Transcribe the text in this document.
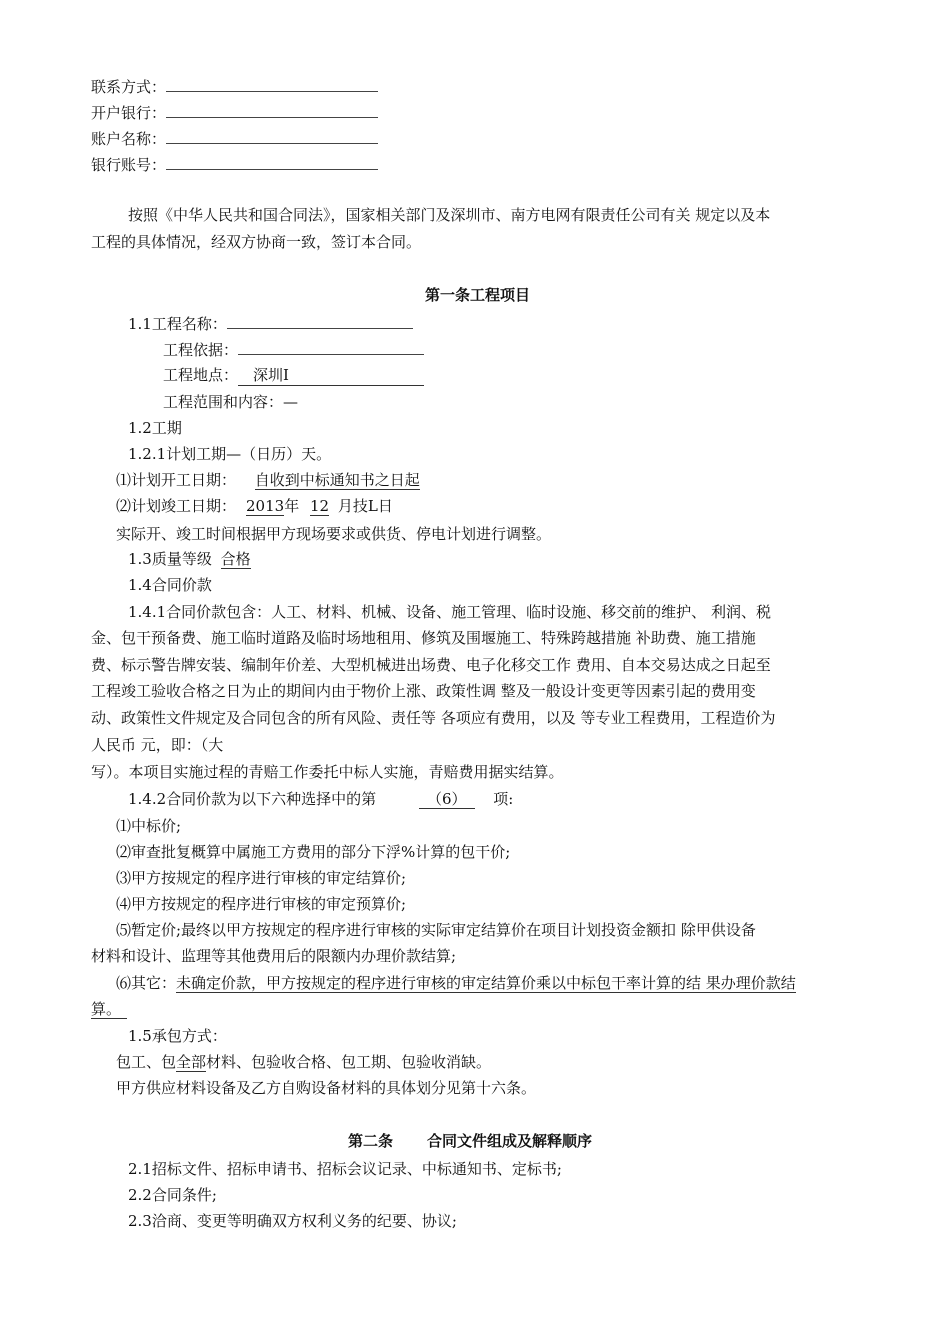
联系方式：
开户银行：
账户名称：
银行账号：
按照《中华人民共和国合同法》，国家相关部门及深圳市、南方电网有限责任公司有关 规定以及本
工程的具体情况，经双方协商一致，签订本合同。
第一条工程项目
1.1工程名称：
工程依据：
工程地点： 深圳I
工程范围和内容：—
1.2工期
1.2.1计划工期—（日历）天。
⑴计划开工日期： 自收到中标通知书之日起
⑵计划竣工日期： 2013年 12 月技L日
实际开、竣工时间根据甲方现场要求或供货、停电计划进行调整。
1.3质量等级 合格
1.4合同价款
1.4.1合同价款包含：人工、材料、机械、设备、施工管理、临时设施、移交前的维护、 利润、税
金、包干预备费、施工临时道路及临时场地租用、修筑及围堰施工、特殊跨越措施 补助费、施工措施
费、标示警告牌安装、编制年价差、大型机械进出场费、电子化移交工作 费用、自本交易达成之日起至
工程竣工验收合格之日为止的期间内由于物价上涨、政策性调 整及一般设计变更等因素引起的费用变
动、政策性文件规定及合同包含的所有风险、责任等 各项应有费用，以及 等专业工程费用，工程造价为
人民币 元，即：（大
写）。本项目实施过程的青赔工作委托中标人实施，青赔费用据实结算。
1.4.2合同价款为以下六种选择中的第	（6） 项:
⑴中标价;
⑵审查批复概算中属施工方费用的部分下浮%计算的包干价;
⑶甲方按规定的程序进行审核的审定结算价;
⑷甲方按规定的程序进行审核的审定预算价;
⑸暂定价;最终以甲方按规定的程序进行审核的实际审定结算价在项目计划投资金额扣 除甲供设备
材料和设计、监理等其他费用后的限额内办理价款结算;
⑹其它：未确定价款，甲方按规定的程序进行审核的审定结算价乘以中标包干率计算的结 果办理价款结
算。
1.5承包方式：
包工、包全部材料、包验收合格、包工期、包验收消缺。
甲方供应材料设备及乙方自购设备材料的具体划分见第十六条。
第二条 合同文件组成及解释顺序
2.1招标文件、招标申请书、招标会议记录、中标通知书、定标书;
2.2合同条件;
2.3洽商、变更等明确双方权利义务的纪要、协议;
